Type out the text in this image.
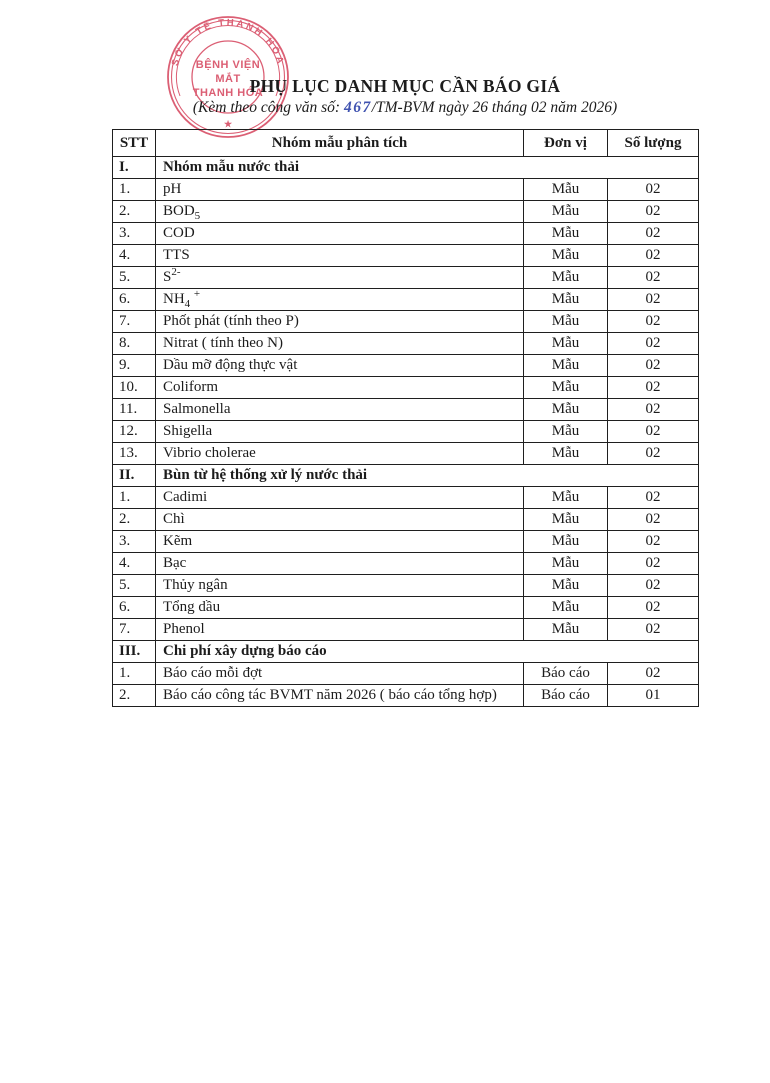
SỞ Y TẾ THANH HÓA
BỆNH VIỆN
MẮT
THANH HÓA
★
PHỤ LỤC DANH MỤC CẦN BÁO GIÁ
(Kèm theo công văn số: 467/TM-BVM ngày 26 tháng 02 năm 2026)
STT	Nhóm mẫu phân tích	Đơn vị	Số lượng
I.	Nhóm mẫu nước thải		
1.	pH	Mẫu	02
2.	$BOD_5$	Mẫu	02
3.	COD	Mẫu	02
4.	TTS	Mẫu	02
5.	$S^{2-}$	Mẫu	02
6.	$NH_4$ +	Mẫu	02
7.	Phốt phát (tính theo P)	Mẫu	02
8.	Nitrat ( tính theo N)	Mẫu	02
9.	Dầu mỡ động thực vật	Mẫu	02
10.	Coliform	Mẫu	02
11.	Salmonella	Mẫu	02
12.	Shigella	Mẫu	02
13.	Vibrio cholerae	Mẫu	02
II.	Bùn từ hệ thống xử lý nước thải		
1.	Cadimi	Mẫu	02
2.	Chì	Mẫu	02
3.	Kẽm	Mẫu	02
4.	Bạc	Mẫu	02
5.	Thủy ngân	Mẫu	02
6.	Tổng dầu	Mẫu	02
7.	Phenol	Mẫu	02
III.	Chi phí xây dựng báo cáo		
1.	Báo cáo mỗi đợt	Báo cáo	02
2.	Báo cáo công tác BVMT năm 2026 ( báo cáo tổng hợp)	Báo cáo	01
